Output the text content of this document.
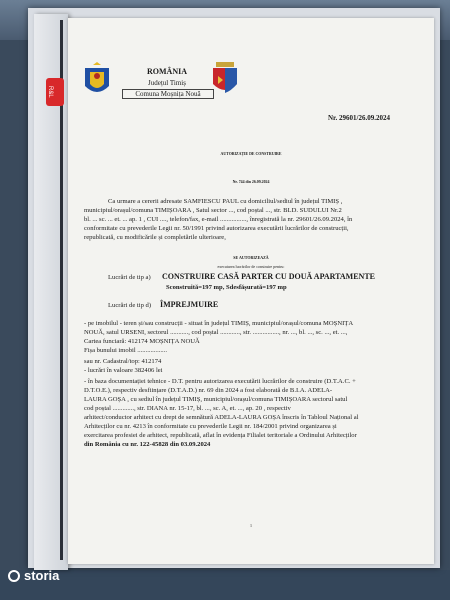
R&L
ROMÂNIA
Județul Timiș
Comuna Moșnița Nouă
Nr. 29601/26.09.2024
AUTORIZAȚIE DE CONSTRUIRE
Nr. 744 din 26.09.2024
Ca urmare a cererii adresate SAMFIESCU PAUL cu domiciliul/sediul în județul TIMIȘ ,
municipiul/orașul/comuna TIMIȘOARA , Satul sector ..., cod poștal ..., str. BLD. SUDULUI Nr.2
bl. ... sc. ... et. ... ap. 1 , CUI ...., telefon/fax, e-mail ................, înregistrată la nr. 29601/26.09.2024, în
conformitate cu prevederile Legii nr. 50/1991 privind autorizarea executării lucrărilor de construcții,
republicată, cu modificările și completările ulterioare,
SE AUTORIZEAZĂ
executarea lucrărilor de construire pentru:
Lucrări de tip a) CONSTRUIRE CASĂ PARTER CU DOUĂ APARTAMENTE
Sconstruită=197 mp, Sdesfășurată=197 mp
Lucrări de tip d) ÎMPREJMUIRE
- pe imobilul - teren și/sau construcții - situat în județul TIMIȘ, municipiul/orașul/comuna MOȘNIȚA
NOUĂ, satul URSENI, sectorul ..........., cod poștal ............, str. ................, nr. ..., bl. ..., sc. ..., et. ...,
Cartea funciară: 412174 MOȘNIȚA NOUĂ
Fișa bunului imobil ..................
sau nr. Cadastral/top: 412174
- lucrări în valoare 382406 lei
- în baza documentației tehnice - D.T. pentru autorizarea executării lucrărilor de construire (D.T.A.C. +
D.T.O.E.), respectiv desființare (D.T.A.D.) nr. 69 din 2024 a fost elaborată de B.I.A. ADELA-
LAURA GOȘA , cu sediul în județul TIMIȘ, municipiul/orașul/comuna TIMIȘOARA sectorul satul
cod poștal ............., str. DIANA nr. 15-17, bl. ..., sc. A, et. ..., ap. 20 , respectiv
arhitect/conductor arhitect cu drept de semnătură ADELA-LAURA GOȘA înscris în Tabloul Național al
Arhitecților cu nr. 4213 în conformitate cu prevederile Legii nr. 184/2001 privind organizarea și
exercitarea profesiei de arhitect, republicată, aflat în evidența Filialei teritoriale a Ordinului Arhitecților
din România cu nr. 122-45828 din 03.09.2024
1
storia
